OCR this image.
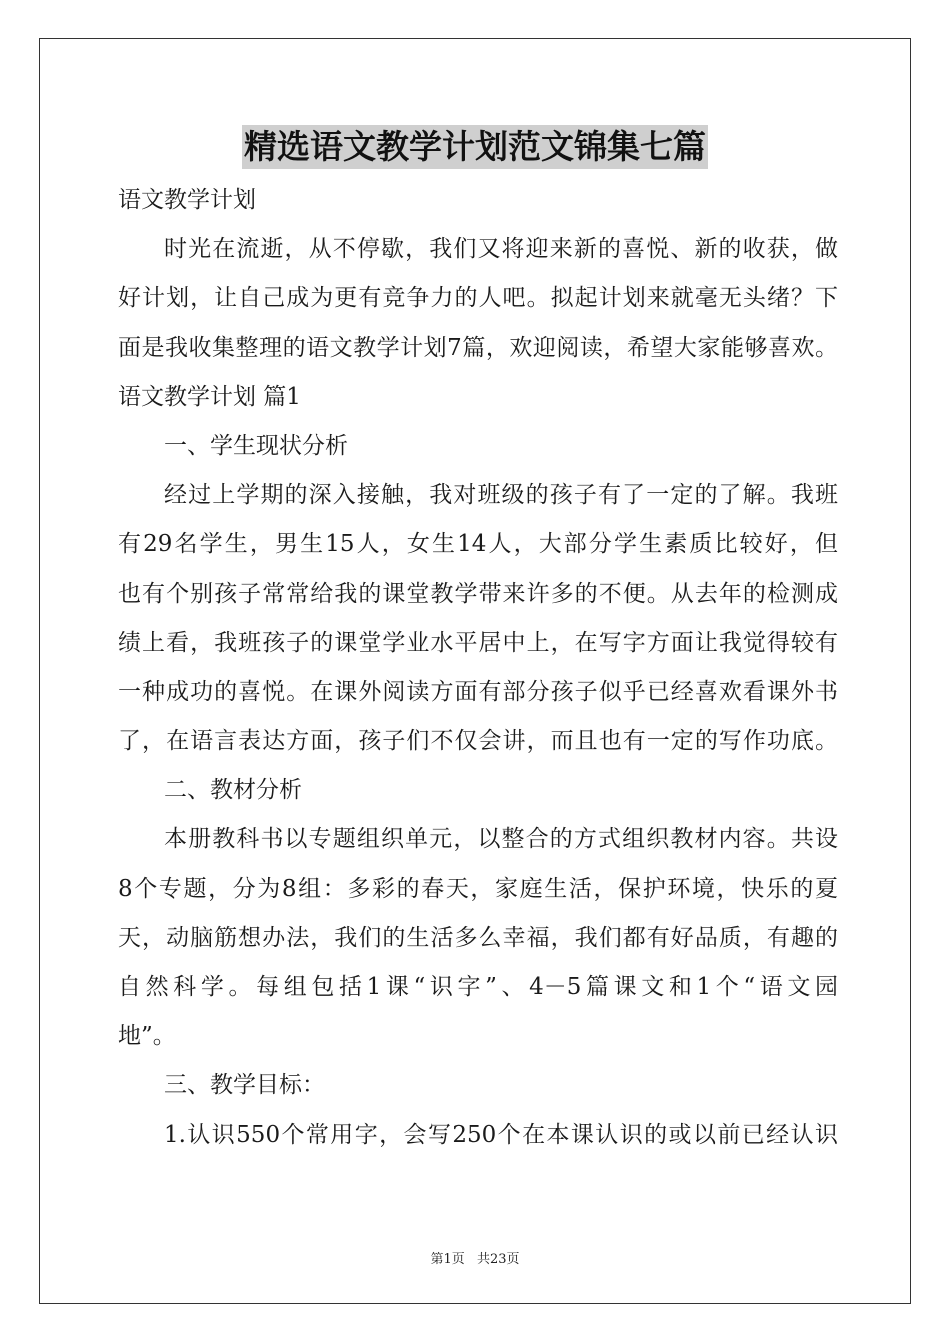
精选语文教学计划范文锦集七篇
语文教学计划
时光在流逝，从不停歇，我们又将迎来新的喜悦、新的收获，做
好计划，让自己成为更有竞争力的人吧。拟起计划来就毫无头绪？下
面是我收集整理的语文教学计划7篇，欢迎阅读，希望大家能够喜欢。
语文教学计划 篇1
一、学生现状分析
经过上学期的深入接触，我对班级的孩子有了一定的了解。我班
有29名学生，男生15人，女生14人，大部分学生素质比较好，但
也有个别孩子常常给我的课堂教学带来许多的不便。从去年的检测成
绩上看，我班孩子的课堂学业水平居中上，在写字方面让我觉得较有
一种成功的喜悦。在课外阅读方面有部分孩子似乎已经喜欢看课外书
了，在语言表达方面，孩子们不仅会讲，而且也有一定的写作功底。
二、教材分析
本册教科书以专题组织单元，以整合的方式组织教材内容。共设
8个专题，分为8组：多彩的春天，家庭生活，保护环境，快乐的夏
天，动脑筋想办法，我们的生活多么幸福，我们都有好品质，有趣的
自然科学。每组包括1课“识字”、4－5篇课文和1个“语文园
地”。
三、教学目标：
1.认识550个常用字，会写250个在本课认识的或以前已经认识
第1页 共23页
